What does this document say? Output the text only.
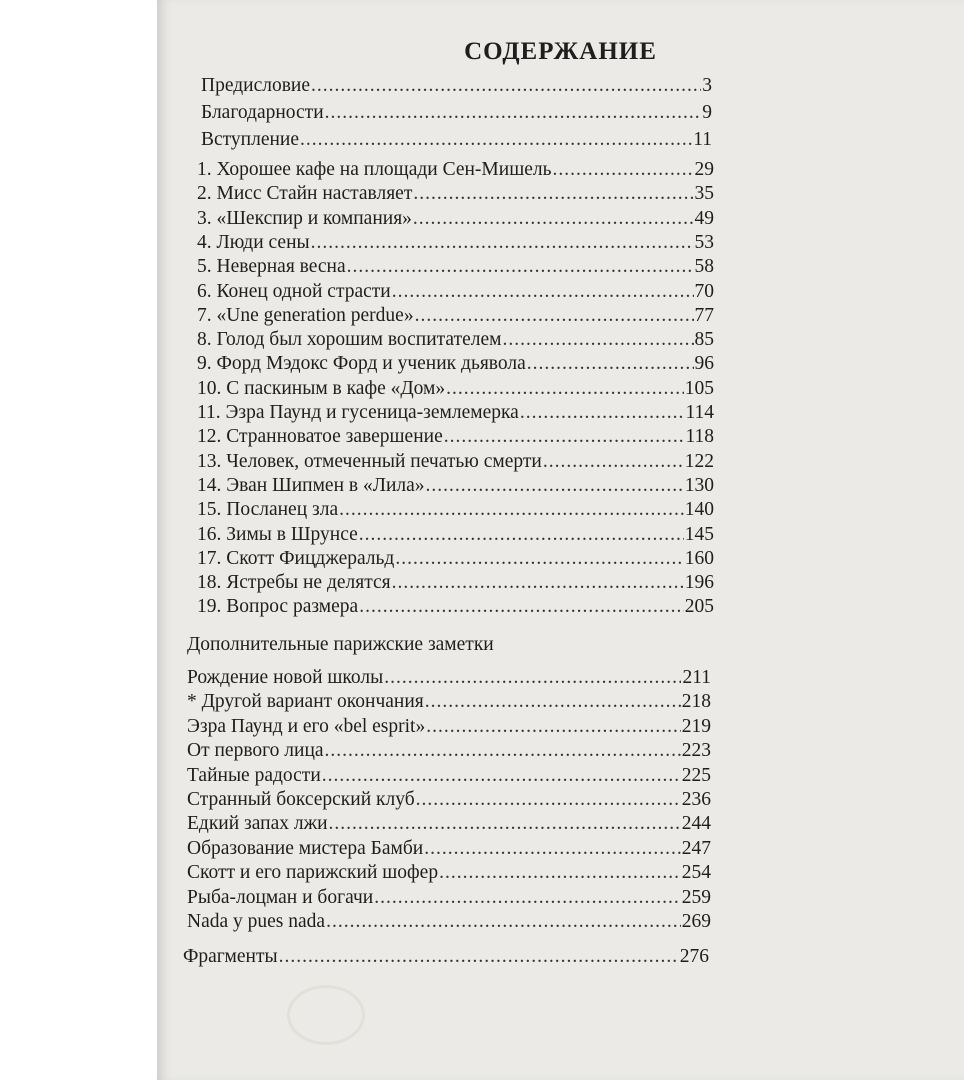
СОДЕРЖАНИЕ
Предисловие .....	3
Благодарности .....	9
Вступление .....	11
1. Хорошее кафе на площади Сен-Мишель .....	29
2. Мисс Стайн наставляет .....	35
3. «Шекспир и компания» .....	49
4. Люди сены .....	53
5. Неверная весна .....	58
6. Конец одной страсти .....	70
7. «Une generation perdue» .....	77
8. Голод был хорошим воспитателем .....	85
9. Форд Мэдокс Форд и ученик дьявола .....	96
10. С паскиным в кафе «Дом» .....	105
11. Эзра Паунд и гусеница-землемерка .....	114
12. Странноватое завершение .....	118
13. Человек, отмеченный печатью смерти .....	122
14. Эван Шипмен в «Лила» .....	130
15. Посланец зла .....	140
16. Зимы в Шрунсе .....	145
17. Скотт Фицджеральд .....	160
18. Ястребы не делятся .....	196
19. Вопрос размера .....	205
Дополнительные парижские заметки
Рождение новой школы .....	211
* Другой вариант окончания .....	218
Эзра Паунд и его «bel esprit» .....	219
От первого лица .....	223
Тайные радости .....	225
Странный боксерский клуб .....	236
Едкий запах лжи .....	244
Образование мистера Бамби .....	247
Скотт и его парижский шофер .....	254
Рыба-лоцман и богачи .....	259
Nada y pues nada .....	269
Фрагменты .....	276
